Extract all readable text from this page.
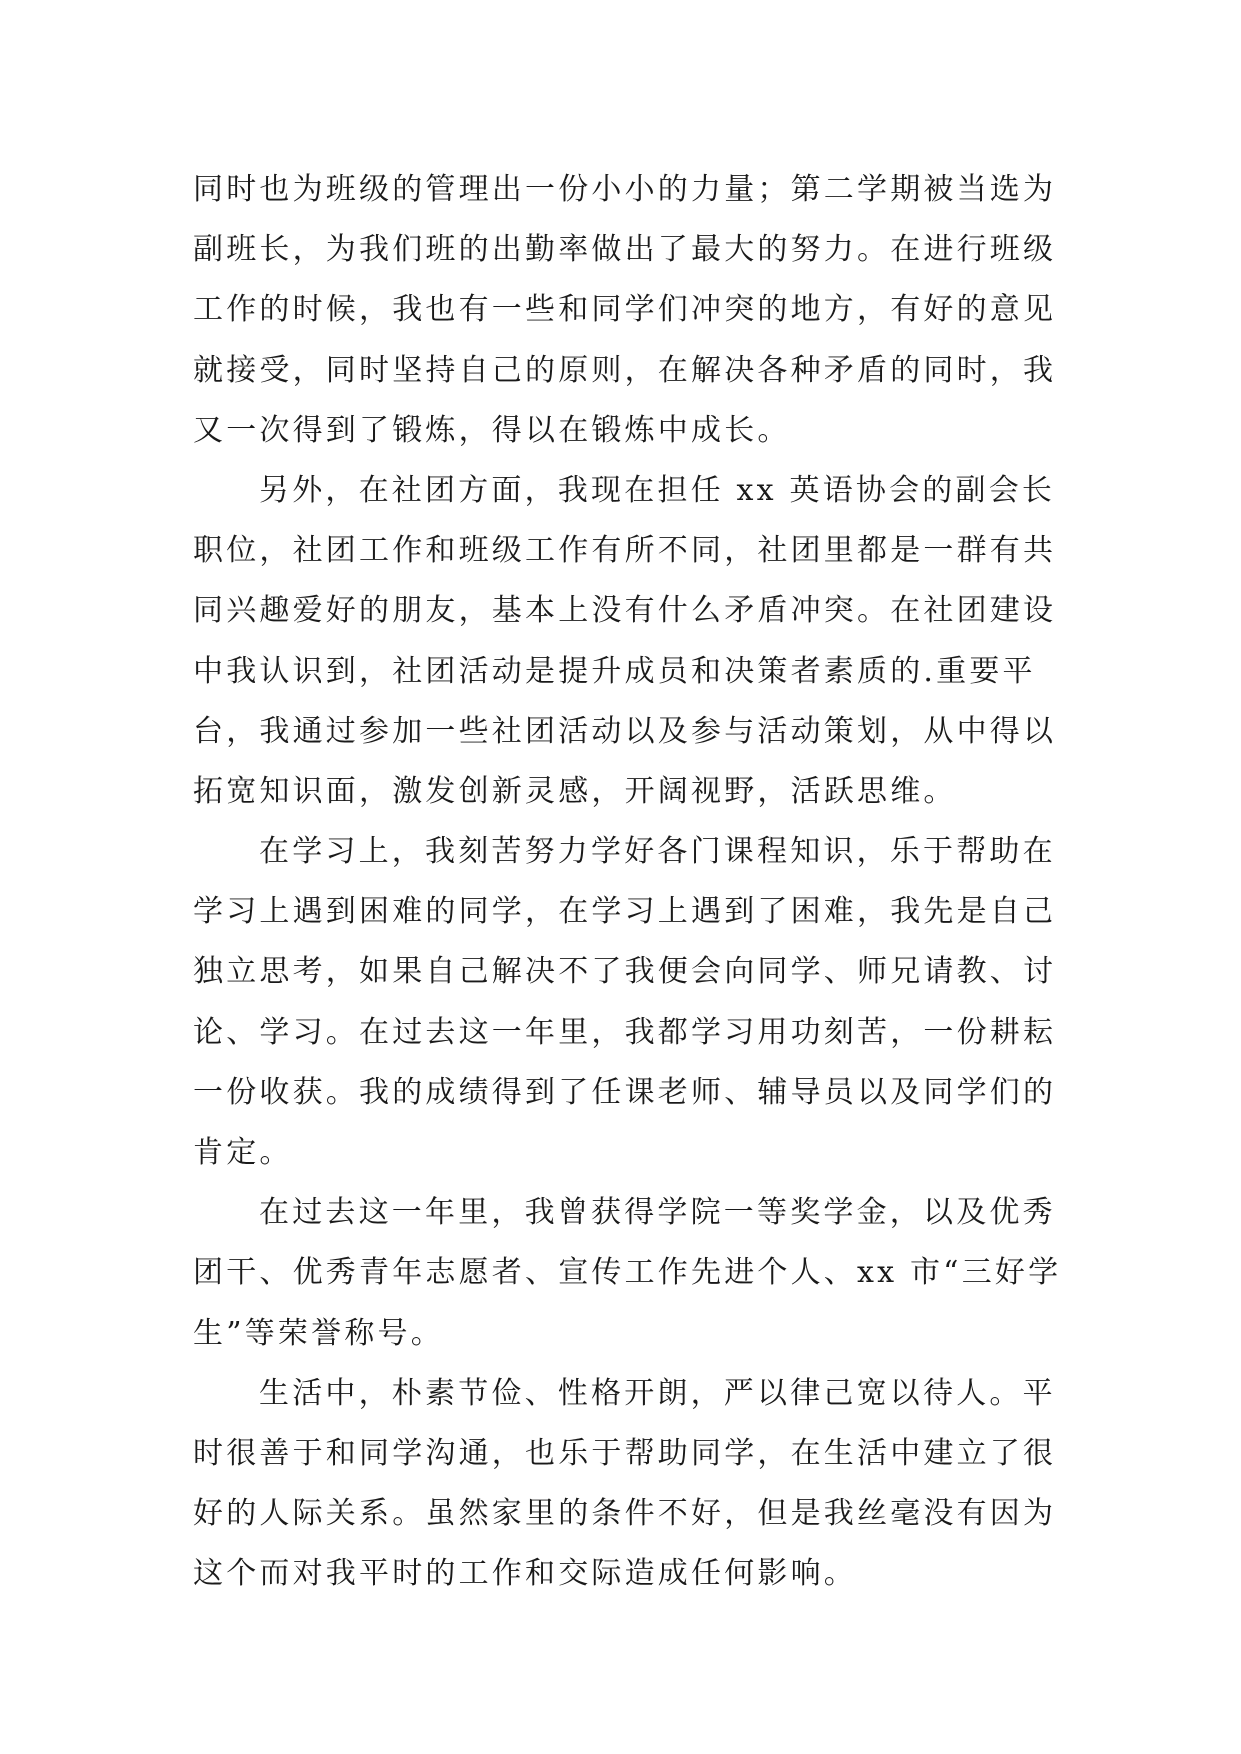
同时也为班级的管理出一份小小的力量；第二学期被当选为
副班长，为我们班的出勤率做出了最大的努力。在进行班级
工作的时候，我也有一些和同学们冲突的地方，有好的意见
就接受，同时坚持自己的原则，在解决各种矛盾的同时，我
又一次得到了锻炼，得以在锻炼中成长。
另外，在社团方面，我现在担任 xx 英语协会的副会长
职位，社团工作和班级工作有所不同，社团里都是一群有共
同兴趣爱好的朋友，基本上没有什么矛盾冲突。在社团建设
中我认识到，社团活动是提升成员和决策者素质的.重要平
台，我通过参加一些社团活动以及参与活动策划，从中得以
拓宽知识面，激发创新灵感，开阔视野，活跃思维。
在学习上，我刻苦努力学好各门课程知识，乐于帮助在
学习上遇到困难的同学，在学习上遇到了困难，我先是自己
独立思考，如果自己解决不了我便会向同学、师兄请教、讨
论、学习。在过去这一年里，我都学习用功刻苦，一份耕耘
一份收获。我的成绩得到了任课老师、辅导员以及同学们的
肯定。
在过去这一年里，我曾获得学院一等奖学金，以及优秀
团干、优秀青年志愿者、宣传工作先进个人、xx 市“三好学
生”等荣誉称号。
生活中，朴素节俭、性格开朗，严以律己宽以待人。平
时很善于和同学沟通，也乐于帮助同学，在生活中建立了很
好的人际关系。虽然家里的条件不好，但是我丝毫没有因为
这个而对我平时的工作和交际造成任何影响。
